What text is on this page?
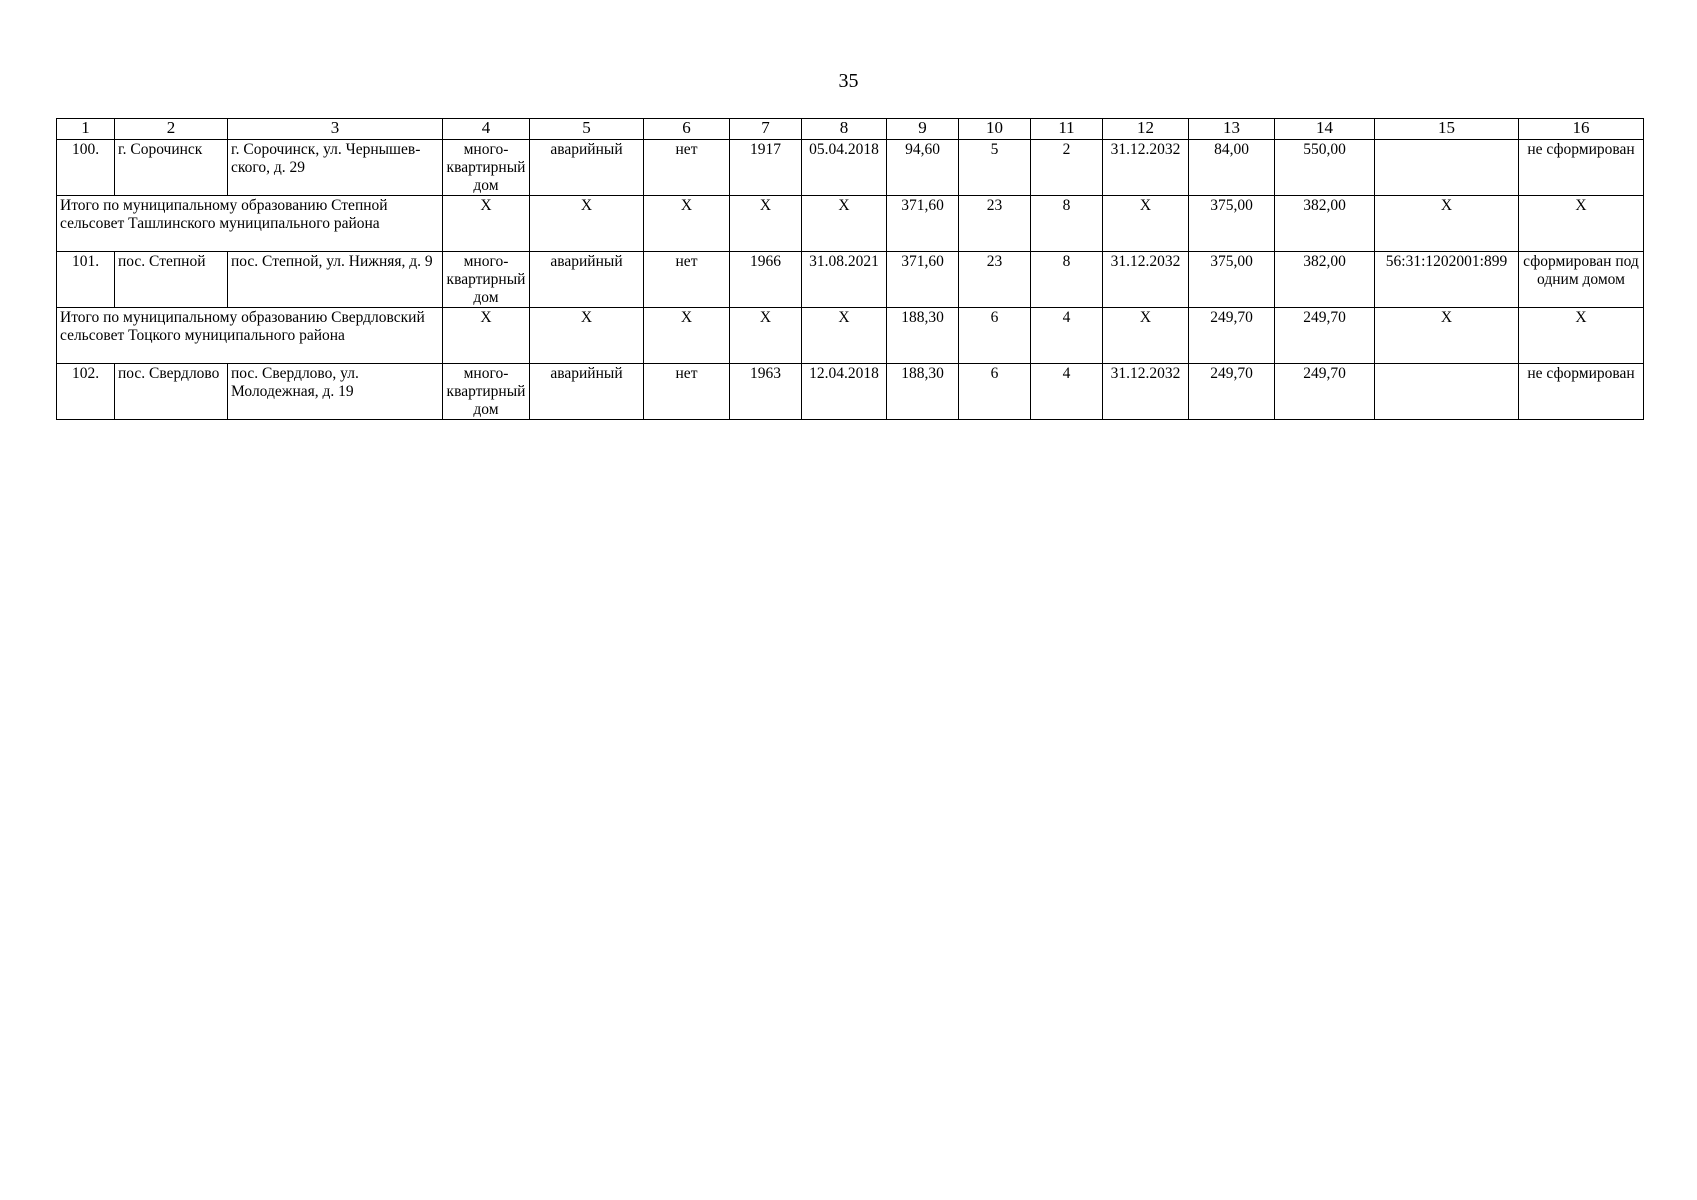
35
1	2	3	4	5	6	7	8	9	10	11	12	13	14	15	16
100.	г. Сорочинск	г. Сорочинск, ул. Чернышевского, д. 29	многоквартирный дом	аварийный	нет	1917	05.04.2018	94,60	5	2	31.12.2032	84,00	550,00		не сформирован
Итого по муниципальному образованию Степной сельсовет Ташлинского муниципального района			Х	Х	Х	Х	Х	371,60	23	8	Х	375,00	382,00	Х	Х
101.	пос. Степной	пос. Степной, ул. Нижняя, д. 9	многоквартирный дом	аварийный	нет	1966	31.08.2021	371,60	23	8	31.12.2032	375,00	382,00	56:31:1202001:899	сформирован под одним домом
Итого по муниципальному образованию Свердловский сельсовет Тоцкого муниципального района			Х	Х	Х	Х	Х	188,30	6	4	Х	249,70	249,70	Х	Х
102.	пос. Свердлово	пос. Свердлово, ул. Молодежная, д. 19	многоквартирный дом	аварийный	нет	1963	12.04.2018	188,30	6	4	31.12.2032	249,70	249,70		не сформирован
